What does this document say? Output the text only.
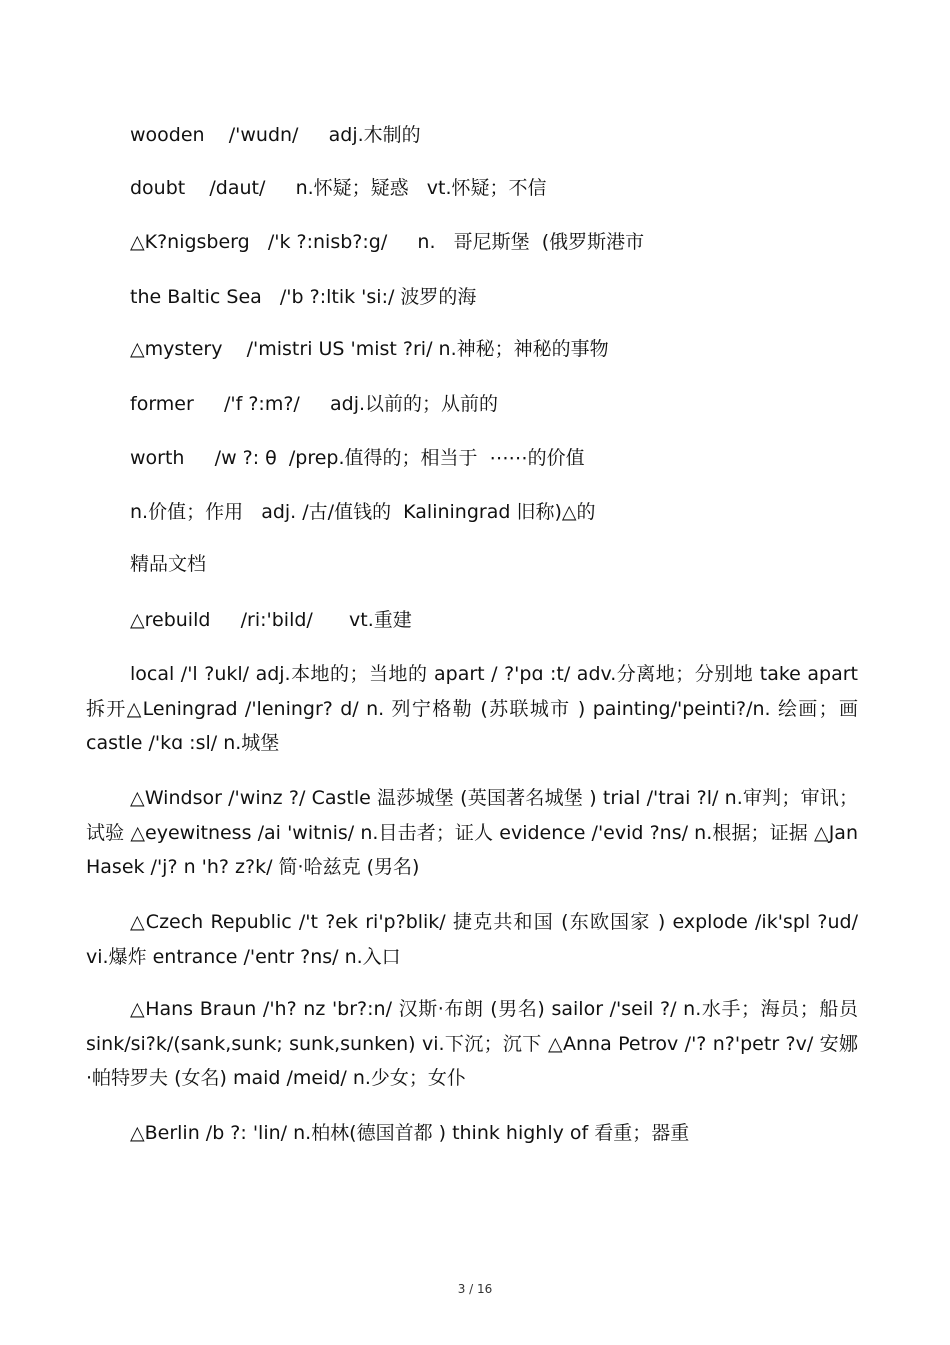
wooden    /'wudn/     adj.木制的
doubt    /daut/     n.怀疑；疑惑   vt.怀疑；不信
△K?nigsberg   /'k ?:nisb?:g/     n.   哥尼斯堡  (俄罗斯港市
the Baltic Sea   /'b ?:ltik 'si:/ 波罗的海
△mystery    /'mistri US 'mist ?ri/ n.神秘；神秘的事物
former     /'f ?:m?/     adj.以前的；从前的
worth     /w ?: θ  /prep.值得的；相当于  ⋯⋯的价值
n.价值；作用   adj. /古/值钱的  Kaliningrad 旧称)△的
精品文档
△rebuild     /ri:'bild/      vt.重建

local /'l ?ukl/ adj.本地的；当地的 apart / ?'pɑ :t/ adv.分离地；分别地 take apart 拆开△Leningrad /'leningr? d/ n. 列宁格勒 (苏联城市 ) painting/'peinti?/n. 绘画；画 castle /'kɑ :sl/ n.城堡

△Windsor /'winz ?/ Castle 温莎城堡 (英国著名城堡 ) trial /'trai ?l/ n.审判；审讯；试验 △eyewitness /ai 'witnis/ n.目击者；证人 evidence /'evid ?ns/ n.根据；证据 △Jan Hasek /'j? n 'h? z?k/ 简·哈兹克 (男名)

△Czech Republic /'t ?ek ri'p?blik/ 捷克共和国 (东欧国家 ) explode /ik'spl ?ud/ vi.爆炸 entrance /'entr ?ns/ n.入口

△Hans Braun /'h? nz 'br?:n/ 汉斯·布朗 (男名) sailor /'seil ?/ n.水手；海员；船员 sink/si?k/(sank,sunk; sunk,sunken) vi.下沉；沉下 △Anna Petrov /'? n?'petr ?v/ 安娜·帕特罗夫 (女名) maid /meid/ n.少女；女仆

△Berlin /b ?: 'lin/ n.柏林(德国首都 ) think highly of 看重；器重

3 / 16
